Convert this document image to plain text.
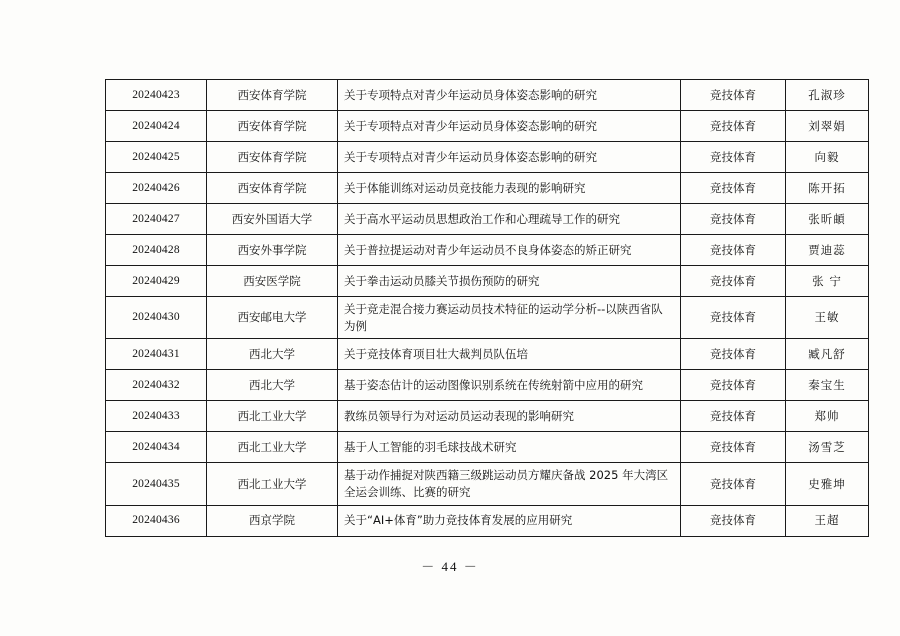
20240423	西安体育学院	关于专项特点对青少年运动员身体姿态影响的研究	竞技体育	孔淑珍
20240424	西安体育学院	关于专项特点对青少年运动员身体姿态影响的研究	竞技体育	刘翠娟
20240425	西安体育学院	关于专项特点对青少年运动员身体姿态影响的研究	竞技体育	向毅
20240426	西安体育学院	关于体能训练对运动员竞技能力表现的影响研究	竞技体育	陈开拓
20240427	西安外国语大学	关于高水平运动员思想政治工作和心理疏导工作的研究	竞技体育	张昕頔
20240428	西安外事学院	关于普拉提运动对青少年运动员不良身体姿态的矫正研究	竞技体育	贾迪蕊
20240429	西安医学院	关于拳击运动员膝关节损伤预防的研究	竞技体育	张 宁
20240430	西安邮电大学	关于竞走混合接力赛运动员技术特征的运动学分析--以陕西省队为例	竞技体育	王敏
20240431	西北大学	关于竞技体育项目壮大裁判员队伍培	竞技体育	臧凡舒
20240432	西北大学	基于姿态估计的运动图像识别系统在传统射箭中应用的研究	竞技体育	秦宝生
20240433	西北工业大学	教练员领导行为对运动员运动表现的影响研究	竞技体育	郑帅
20240434	西北工业大学	基于人工智能的羽毛球技战术研究	竞技体育	汤雪芝
20240435	西北工业大学	基于动作捕捉对陕西籍三级跳运动员方耀庆备战 2025 年大湾区全运会训练、比赛的研究	竞技体育	史雅坤
20240436	西京学院	关于“AI+体育”助力竞技体育发展的应用研究	竞技体育	王超
－ 44 －
